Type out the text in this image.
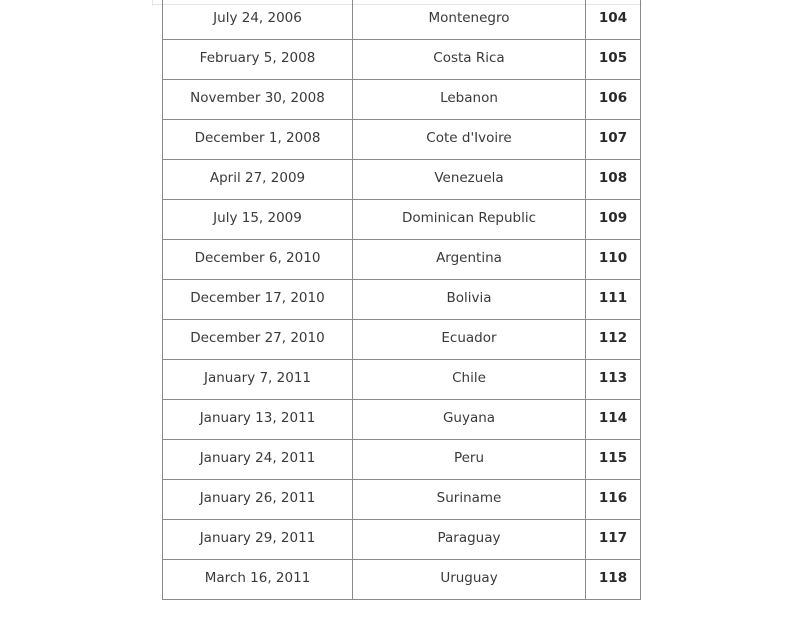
July 24, 2006	Montenegro	104
February 5, 2008	Costa Rica	105
November 30, 2008	Lebanon	106
December 1, 2008	Cote d'Ivoire	107
April 27, 2009	Venezuela	108
July 15, 2009	Dominican Republic	109
December 6, 2010	Argentina	110
December 17, 2010	Bolivia	111
December 27, 2010	Ecuador	112
January 7, 2011	Chile	113
January 13, 2011	Guyana	114
January 24, 2011	Peru	115
January 26, 2011	Suriname	116
January 29, 2011	Paraguay	117
March 16, 2011	Uruguay	118
